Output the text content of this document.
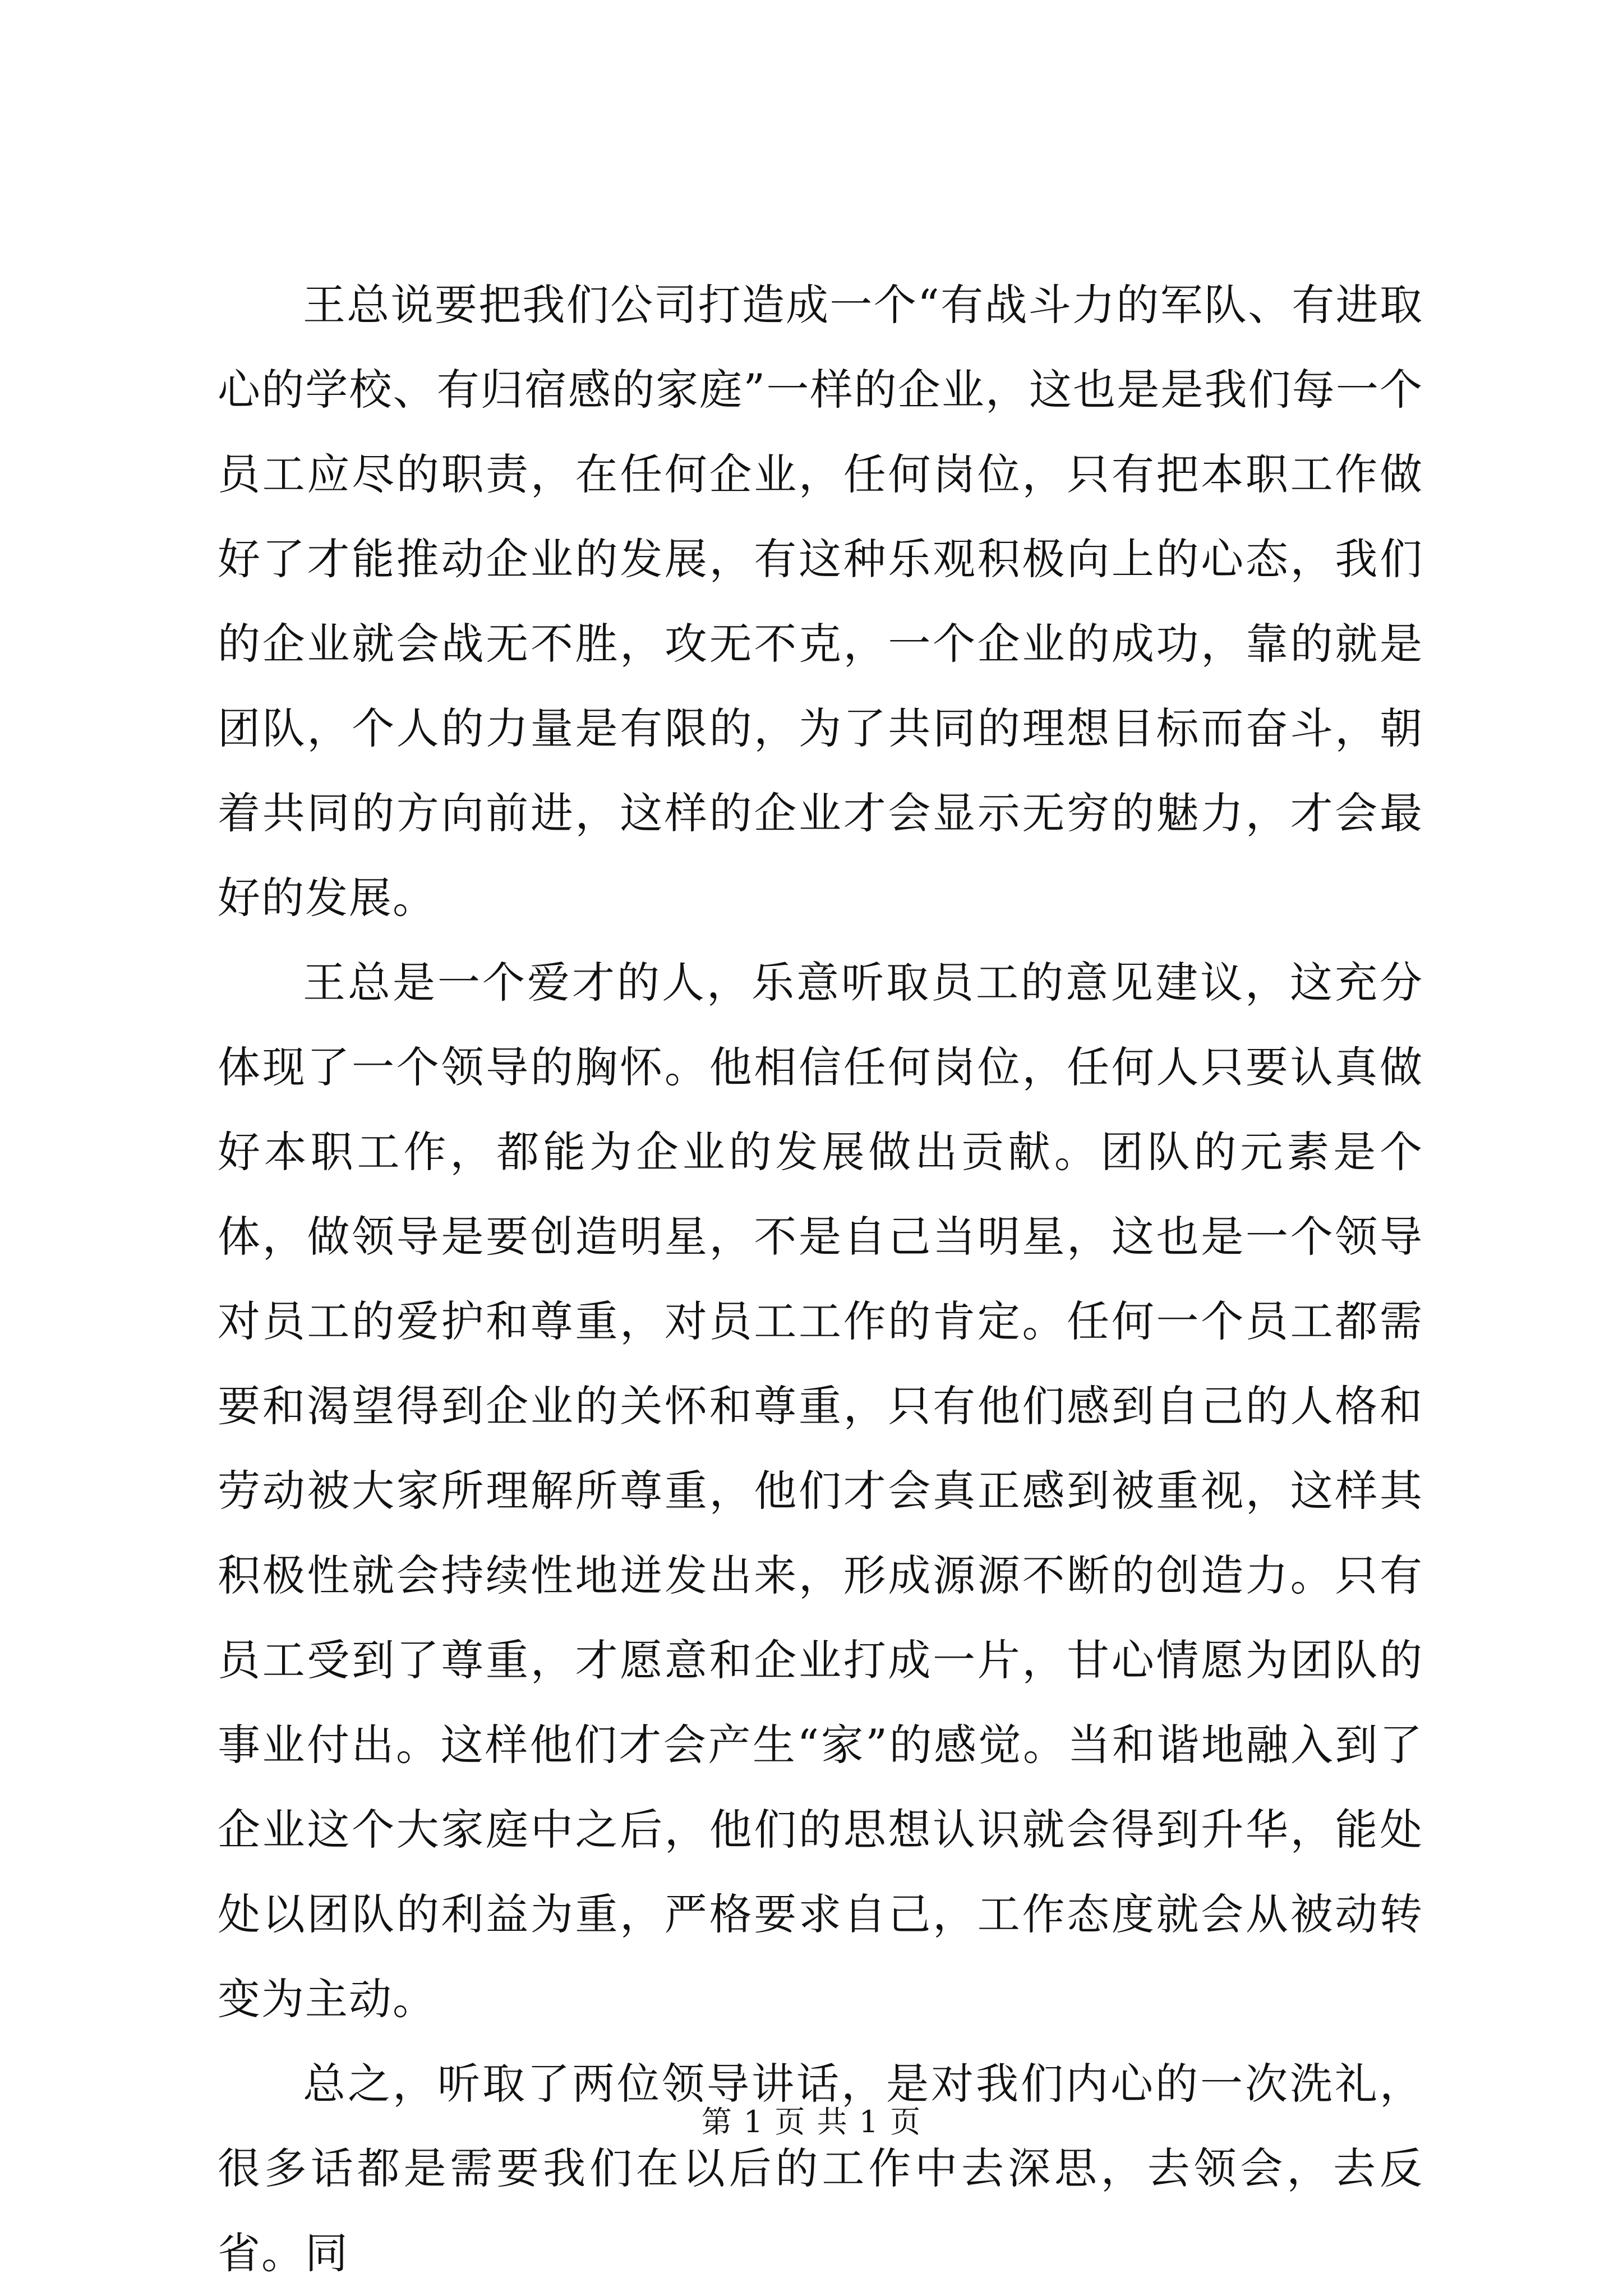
王总说要把我们公司打造成一个“有战斗力的军队、有进取心的学校、有归宿感的家庭”一样的企业，这也是是我们每一个员工应尽的职责，在任何企业，任何岗位，只有把本职工作做好了才能推动企业的发展，有这种乐观积极向上的心态，我们的企业就会战无不胜，攻无不克，一个企业的成功，靠的就是团队，个人的力量是有限的，为了共同的理想目标而奋斗，朝着共同的方向前进，这样的企业才会显示无穷的魅力，才会最好的发展。

王总是一个爱才的人，乐意听取员工的意见建议，这充分体现了一个领导的胸怀。他相信任何岗位，任何人只要认真做好本职工作，都能为企业的发展做出贡献。团队的元素是个体，做领导是要创造明星，不是自己当明星，这也是一个领导对员工的爱护和尊重，对员工工作的肯定。任何一个员工都需要和渴望得到企业的关怀和尊重，只有他们感到自己的人格和劳动被大家所理解所尊重，他们才会真正感到被重视，这样其积极性就会持续性地迸发出来，形成源源不断的创造力。只有员工受到了尊重，才愿意和企业打成一片，甘心情愿为团队的事业付出。这样他们才会产生“家”的感觉。当和谐地融入到了企业这个大家庭中之后，他们的思想认识就会得到升华，能处处以团队的利益为重，严格要求自己，工作态度就会从被动转变为主动。

总之，听取了两位领导讲话，是对我们内心的一次洗礼，很多话都是需要我们在以后的工作中去深思，去领会，去反省。同

第 1 页 共 1 页
